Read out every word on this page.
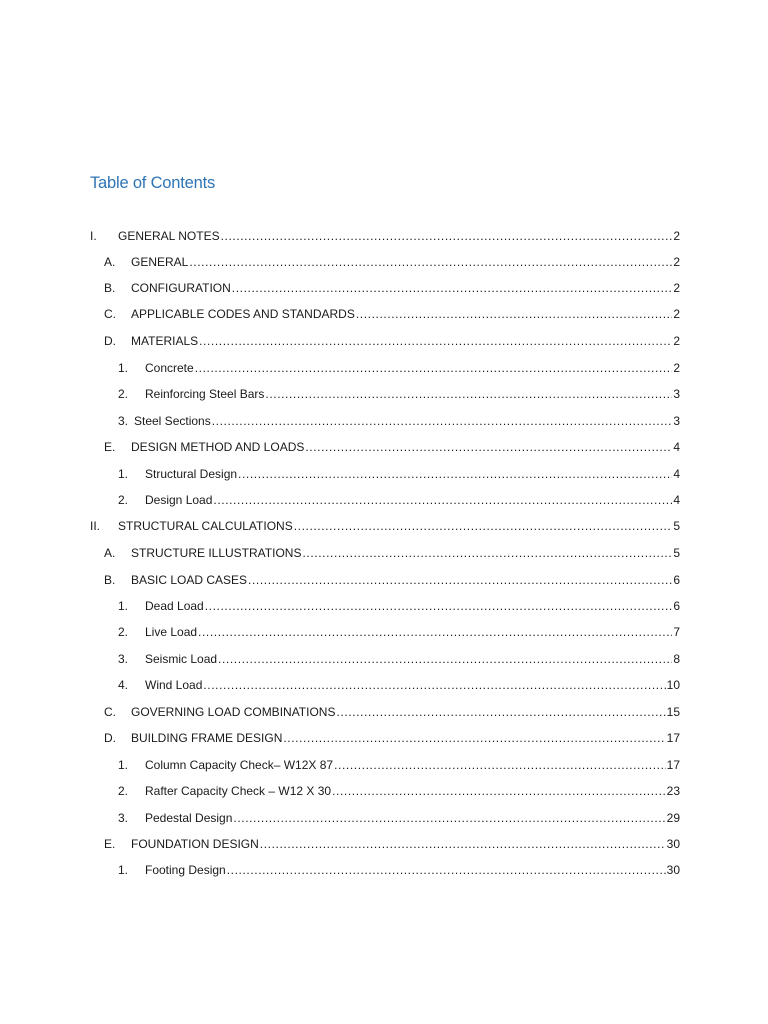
Table of Contents
I.	GENERAL NOTES .....	2
A.	GENERAL .....	2
B.	CONFIGURATION .....	2
C.	APPLICABLE CODES AND STANDARDS .....	2
D.	MATERIALS .....	2
1.	Concrete .....	2
2.	Reinforcing Steel Bars .....	3
3. Steel Sections .....	3
E.	DESIGN METHOD AND LOADS .....	4
1.	Structural Design .....	4
2.	Design Load .....	4
II.	STRUCTURAL CALCULATIONS .....	5
A.	STRUCTURE ILLUSTRATIONS .....	5
B.	BASIC LOAD CASES .....	6
1.	Dead Load .....	6
2.	Live Load .....	7
3.	Seismic Load .....	8
4.	Wind Load .....	10
C.	GOVERNING LOAD COMBINATIONS .....	15
D.	BUILDING FRAME DESIGN .....	17
1.	Column Capacity Check– W12X 87 .....	17
2.	Rafter Capacity Check – W12 X 30 .....	23
3.	Pedestal Design .....	29
E.	FOUNDATION DESIGN .....	30
1.	Footing Design .....	30
